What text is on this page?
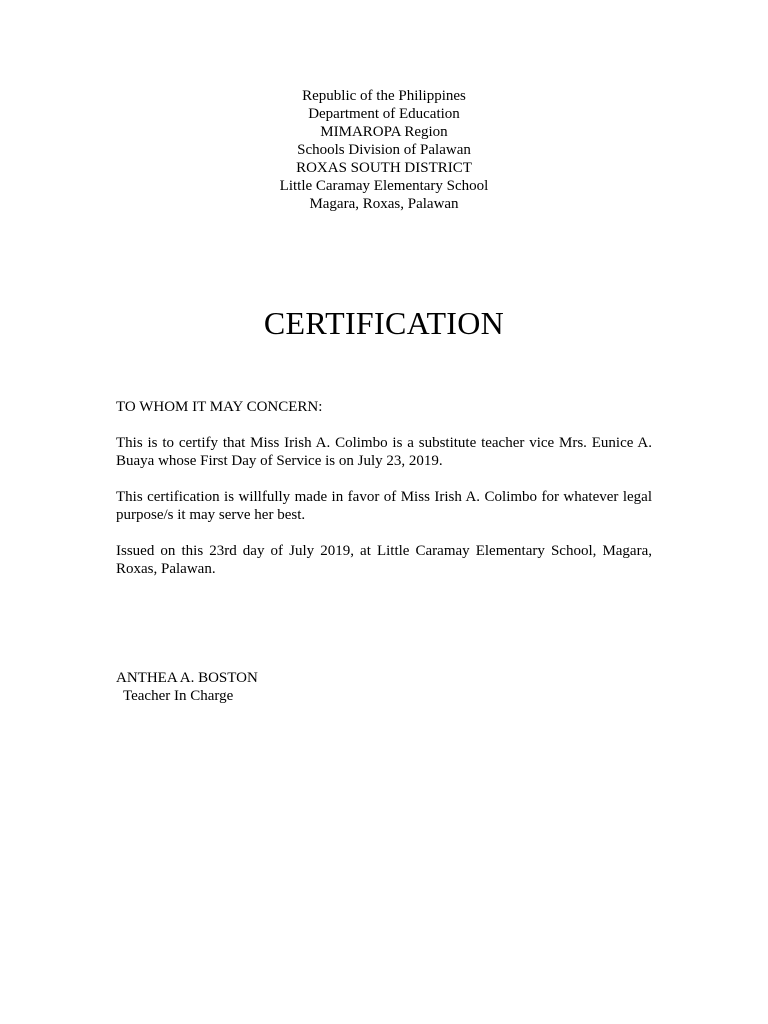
Republic of the Philippines
Department of Education
MIMAROPA Region
Schools Division of Palawan
ROXAS SOUTH DISTRICT
Little Caramay Elementary School
Magara, Roxas, Palawan
CERTIFICATION
TO WHOM IT MAY CONCERN:
This is to certify that Miss Irish A. Colimbo is a substitute teacher vice Mrs. Eunice A. Buaya whose First Day of Service is on July 23, 2019.
This certification is willfully made in favor of Miss Irish A. Colimbo for whatever legal purpose/s it may serve her best.
Issued on this 23rd day of July 2019, at Little Caramay Elementary School, Magara, Roxas, Palawan.
ANTHEA A. BOSTON
Teacher In Charge
